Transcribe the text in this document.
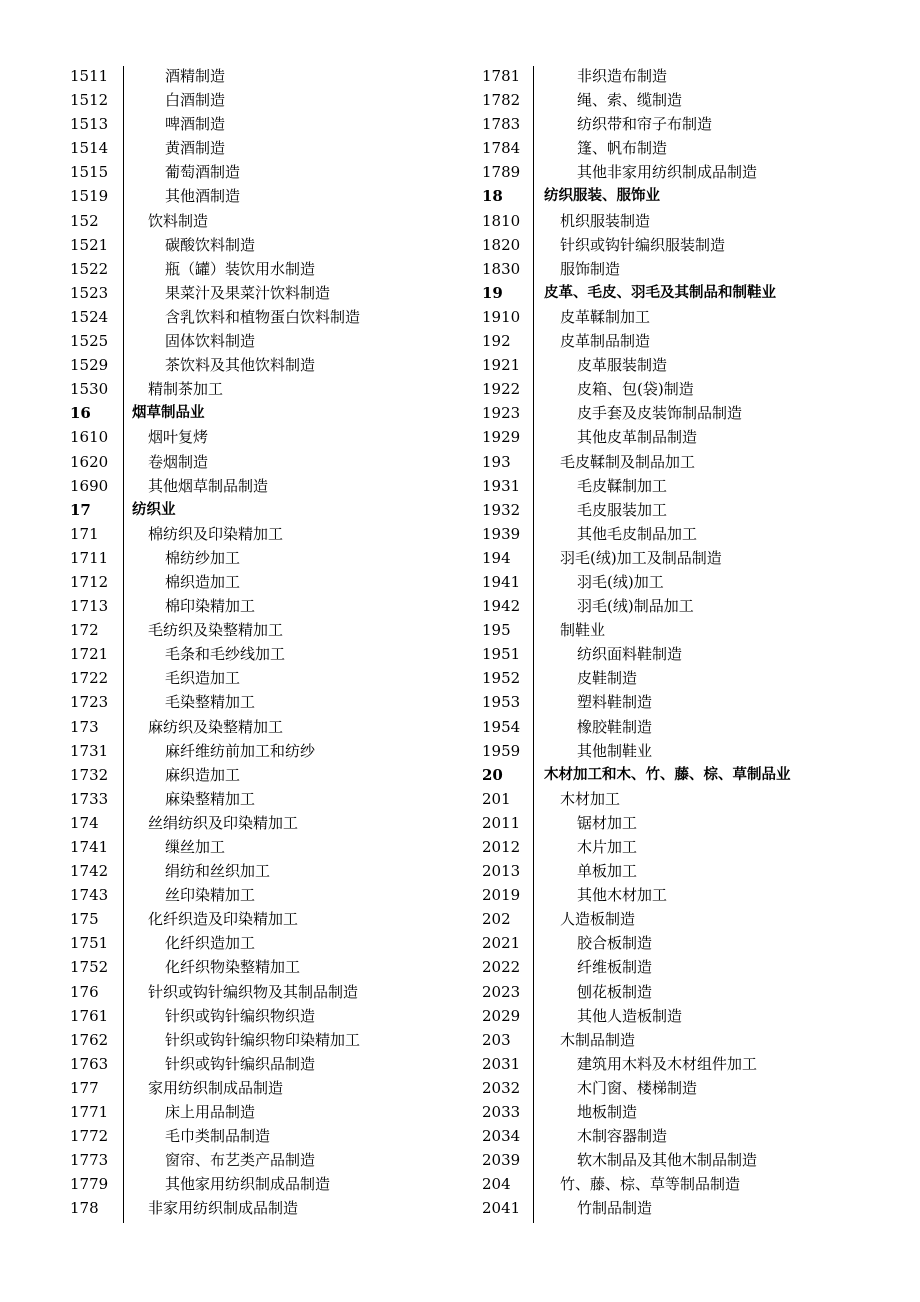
1511	酒精制造
1512	白酒制造
1513	啤酒制造
1514	黄酒制造
1515	葡萄酒制造
1519	其他酒制造
152	饮料制造
1521	碳酸饮料制造
1522	瓶（罐）装饮用水制造
1523	果菜汁及果菜汁饮料制造
1524	含乳饮料和植物蛋白饮料制造
1525	固体饮料制造
1529	茶饮料及其他饮料制造
1530	精制茶加工
16	烟草制品业
1610	烟叶复烤
1620	卷烟制造
1690	其他烟草制品制造
17	纺织业
171	棉纺织及印染精加工
1711	棉纺纱加工
1712	棉织造加工
1713	棉印染精加工
172	毛纺织及染整精加工
1721	毛条和毛纱线加工
1722	毛织造加工
1723	毛染整精加工
173	麻纺织及染整精加工
1731	麻纤维纺前加工和纺纱
1732	麻织造加工
1733	麻染整精加工
174	丝绢纺织及印染精加工
1741	缫丝加工
1742	绢纺和丝织加工
1743	丝印染精加工
175	化纤织造及印染精加工
1751	化纤织造加工
1752	化纤织物染整精加工
176	针织或钩针编织物及其制品制造
1761	针织或钩针编织物织造
1762	针织或钩针编织物印染精加工
1763	针织或钩针编织品制造
177	家用纺织制成品制造
1771	床上用品制造
1772	毛巾类制品制造
1773	窗帘、布艺类产品制造
1779	其他家用纺织制成品制造
178	非家用纺织制成品制造
1781	非织造布制造
1782	绳、索、缆制造
1783	纺织带和帘子布制造
1784	篷、帆布制造
1789	其他非家用纺织制成品制造
18	纺织服装、服饰业
1810	机织服装制造
1820	针织或钩针编织服装制造
1830	服饰制造
19	皮革、毛皮、羽毛及其制品和制鞋业
1910	皮革鞣制加工
192	皮革制品制造
1921	皮革服装制造
1922	皮箱、包(袋)制造
1923	皮手套及皮装饰制品制造
1929	其他皮革制品制造
193	毛皮鞣制及制品加工
1931	毛皮鞣制加工
1932	毛皮服装加工
1939	其他毛皮制品加工
194	羽毛(绒)加工及制品制造
1941	羽毛(绒)加工
1942	羽毛(绒)制品加工
195	制鞋业
1951	纺织面料鞋制造
1952	皮鞋制造
1953	塑料鞋制造
1954	橡胶鞋制造
1959	其他制鞋业
20	木材加工和木、竹、藤、棕、草制品业
201	木材加工
2011	锯材加工
2012	木片加工
2013	单板加工
2019	其他木材加工
202	人造板制造
2021	胶合板制造
2022	纤维板制造
2023	刨花板制造
2029	其他人造板制造
203	木制品制造
2031	建筑用木料及木材组件加工
2032	木门窗、楼梯制造
2033	地板制造
2034	木制容器制造
2039	软木制品及其他木制品制造
204	竹、藤、棕、草等制品制造
2041	竹制品制造
